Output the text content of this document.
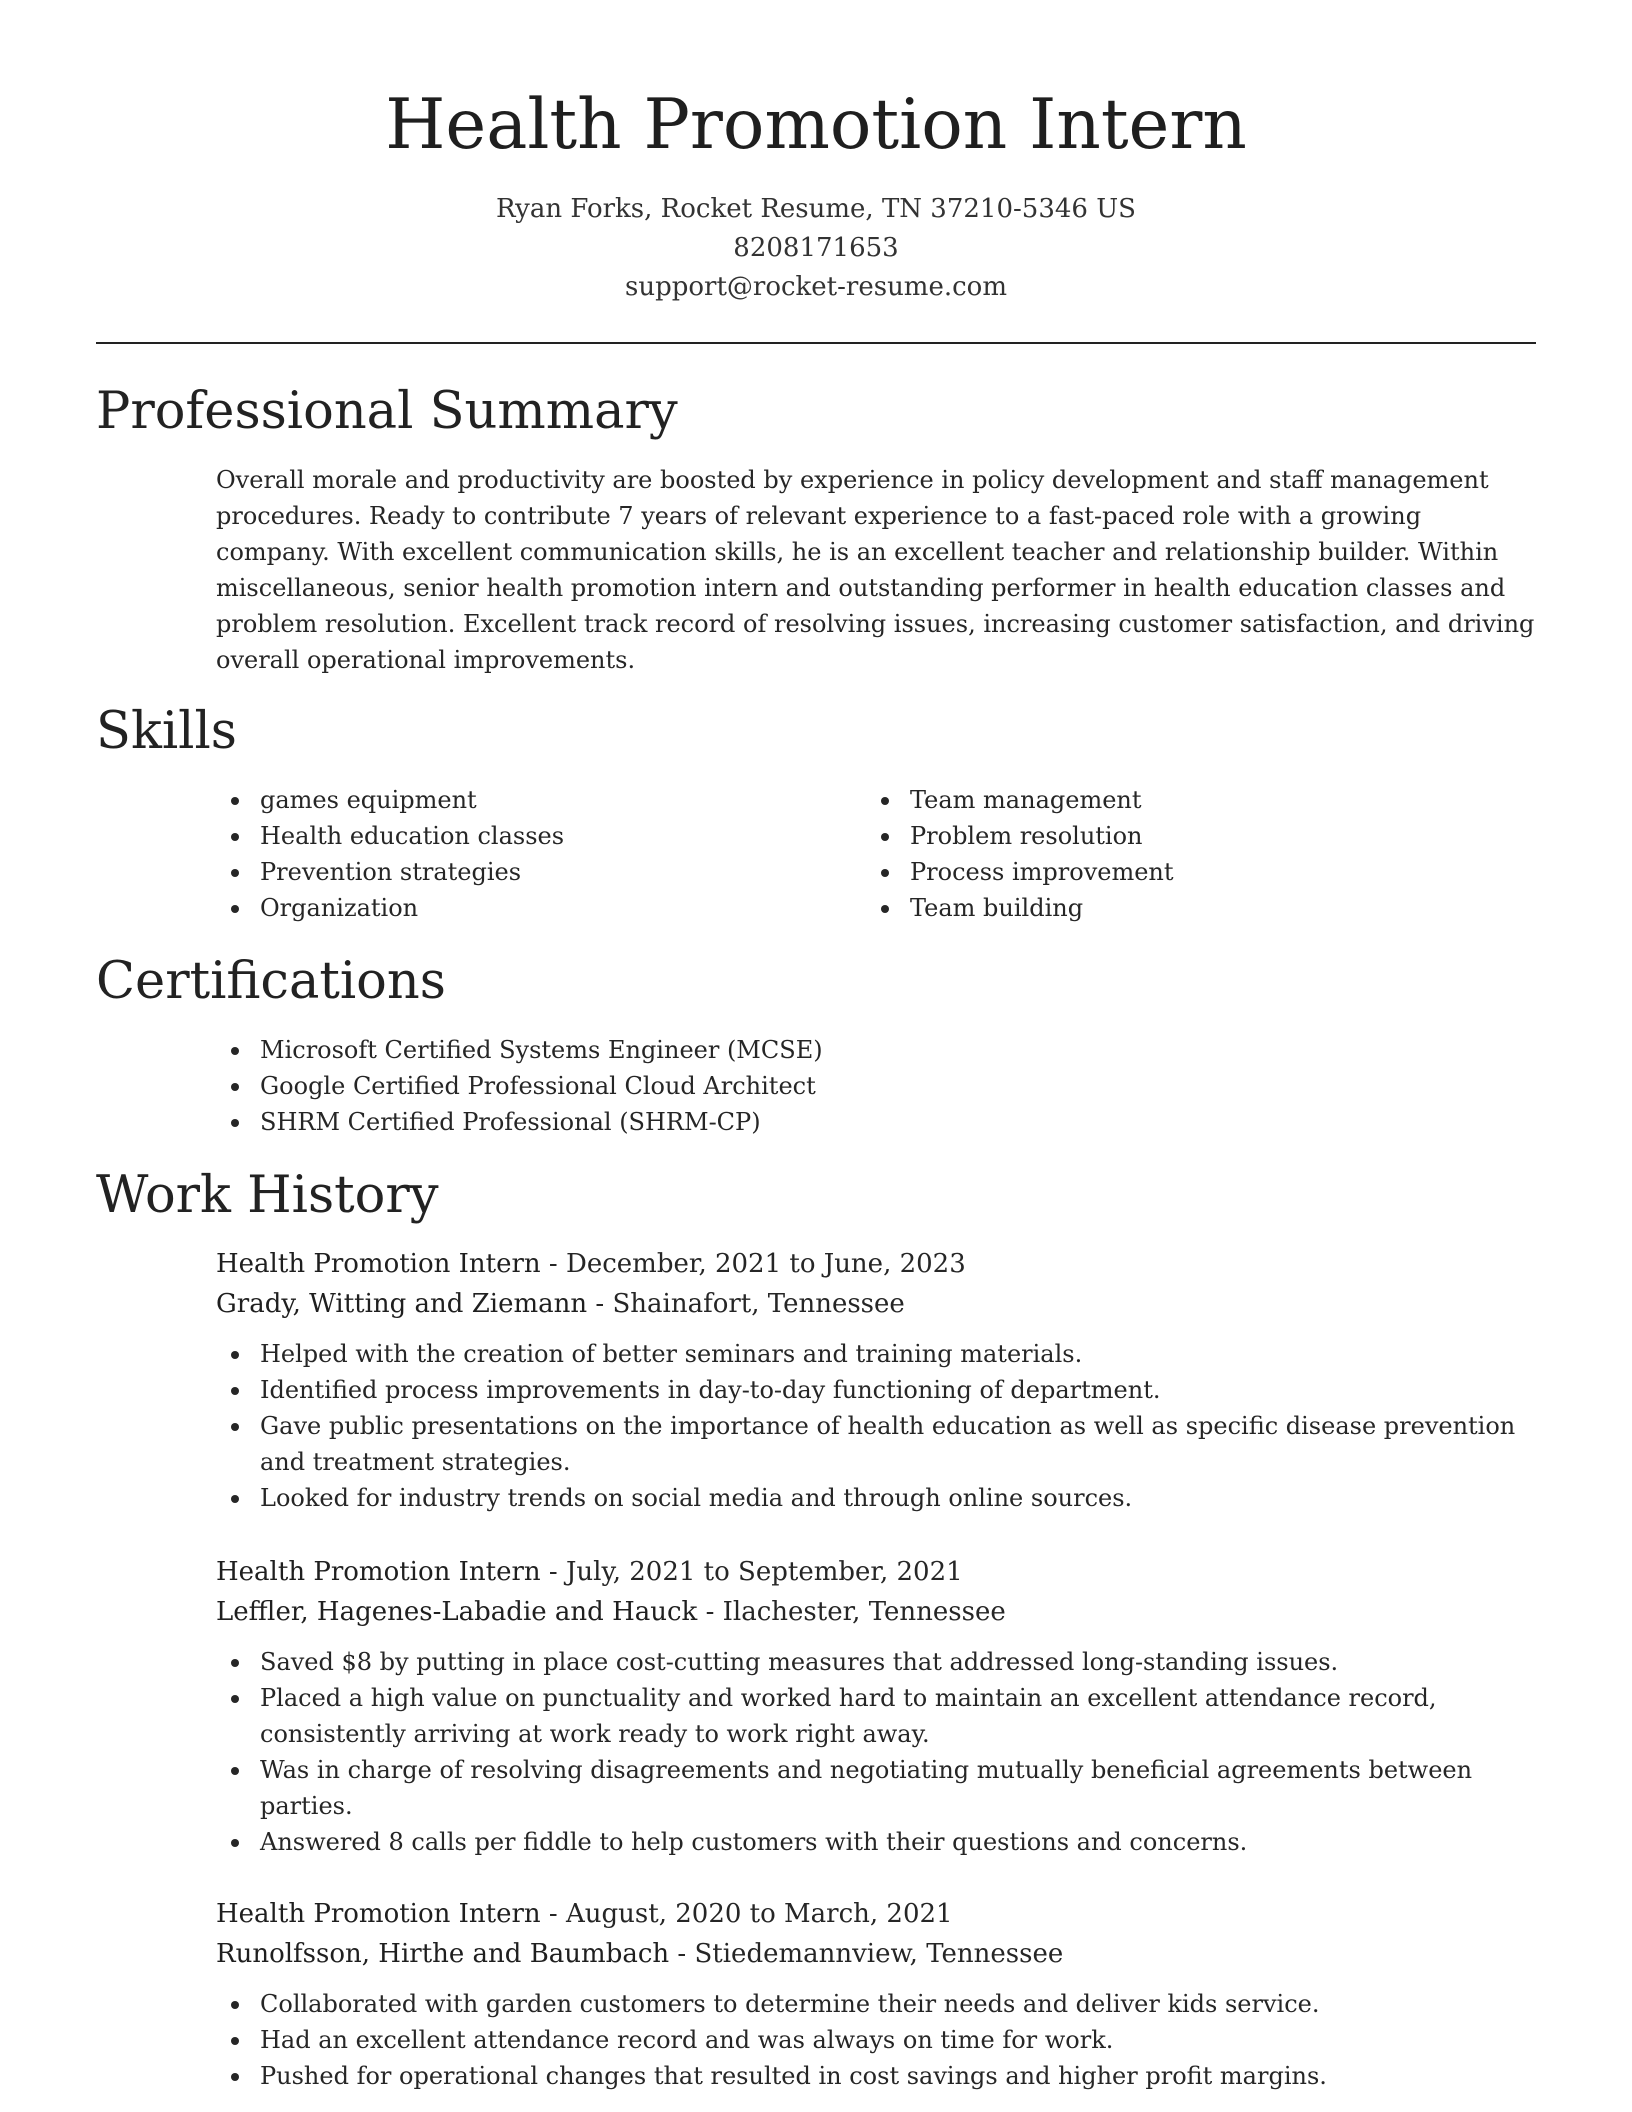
Health Promotion Intern
Ryan Forks, Rocket Resume, TN 37210-5346 US
8208171653
support@rocket-resume.com
Professional Summary

Overall morale and productivity are boosted by experience in policy development and staff management procedures. Ready to contribute 7 years of relevant experience to a fast-paced role with a growing company. With excellent communication skills, he is an excellent teacher and relationship builder. Within miscellaneous, senior health promotion intern and outstanding performer in health education classes and problem resolution. Excellent track record of resolving issues, increasing customer satisfaction, and driving overall operational improvements.

Skills
games equipment
Health education classes
Prevention strategies
Organization
Team management
Problem resolution
Process improvement
Team building
Certifications
Microsoft Certified Systems Engineer (MCSE)
Google Certified Professional Cloud Architect
SHRM Certified Professional (SHRM-CP)
Work History
Health Promotion Intern - December, 2021 to June, 2023
Grady, Witting and Ziemann - Shainafort, Tennessee
Helped with the creation of better seminars and training materials.
Identified process improvements in day-to-day functioning of department.
Gave public presentations on the importance of health education as well as specific disease prevention and treatment strategies.
Looked for industry trends on social media and through online sources.
Health Promotion Intern - July, 2021 to September, 2021
Leffler, Hagenes-Labadie and Hauck - Ilachester, Tennessee
Saved $8 by putting in place cost-cutting measures that addressed long-standing issues.
Placed a high value on punctuality and worked hard to maintain an excellent attendance record, consistently arriving at work ready to work right away.
Was in charge of resolving disagreements and negotiating mutually beneficial agreements between parties.
Answered 8 calls per fiddle to help customers with their questions and concerns.
Health Promotion Intern - August, 2020 to March, 2021
Runolfsson, Hirthe and Baumbach - Stiedemannview, Tennessee
Collaborated with garden customers to determine their needs and deliver kids service.
Had an excellent attendance record and was always on time for work.
Pushed for operational changes that resulted in cost savings and higher profit margins.
